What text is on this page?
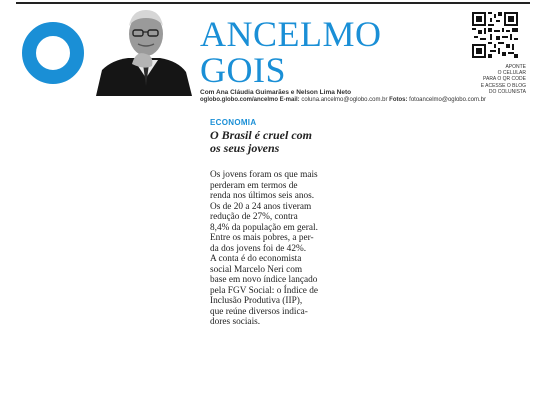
ANCELMO
GOIS
Com Ana Cláudia Guimarães e Nelson Lima Neto
oglobo.globo.com/ancelmo E-mail: coluna.ancelmo@oglobo.com.br Fotos: fotoancelmo@oglobo.com.br
APONTE
O CELULAR
PARA O QR CODE
E ACESSE O BLOG
DO COLUNISTA
ECONOMIA
O Brasil é cruel com
os seus jovens
Os jovens foram os que mais
perderam em termos de
renda nos últimos seis anos.
Os de 20 a 24 anos tiveram
redução de 27%, contra
8,4% da população em geral.
Entre os mais pobres, a per-
da dos jovens foi de 42%.
A conta é do economista
social Marcelo Neri com
base em novo índice lançado
pela FGV Social: o Índice de
Inclusão Produtiva (IIP),
que reúne diversos indica-
dores sociais.
